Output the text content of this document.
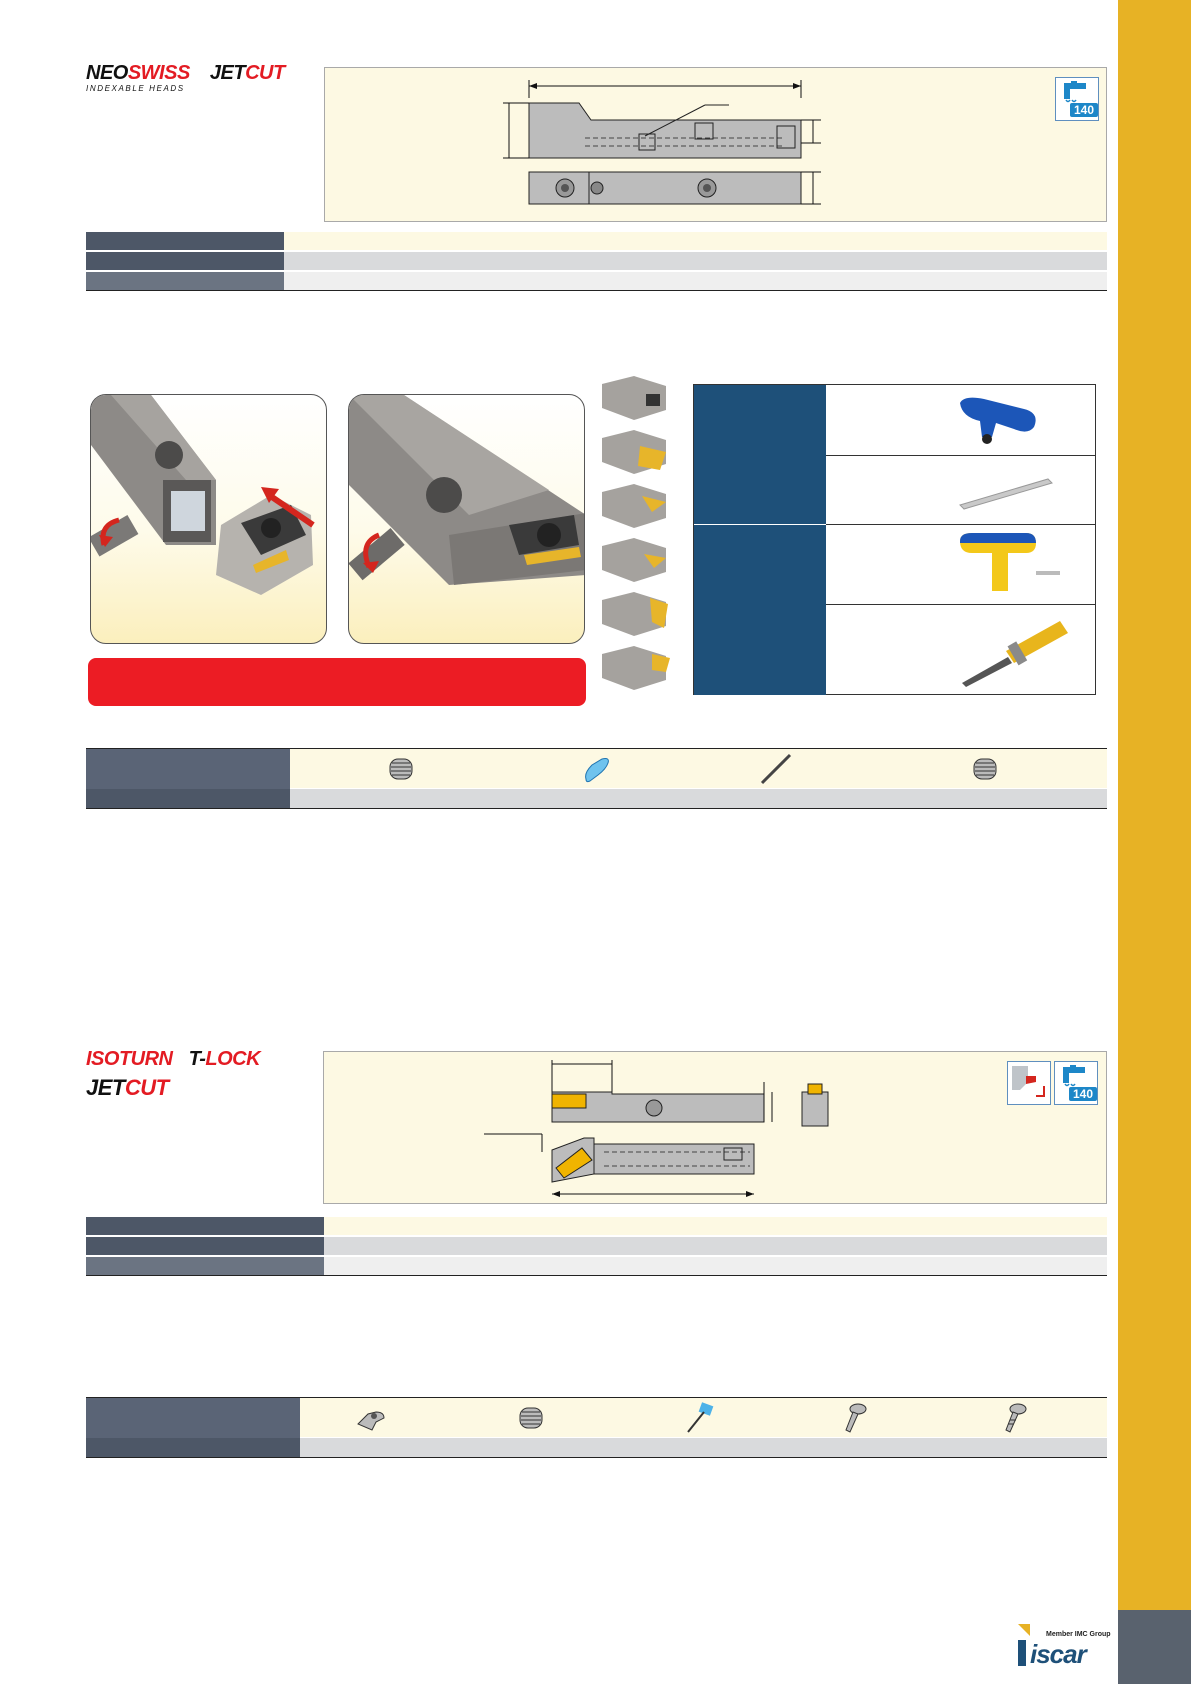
NEOSWISS JETCUT
INDEXABLE HEADS
140
ISOTURN T-LOCK
JETCUT	140
Member IMC Group
iscar
